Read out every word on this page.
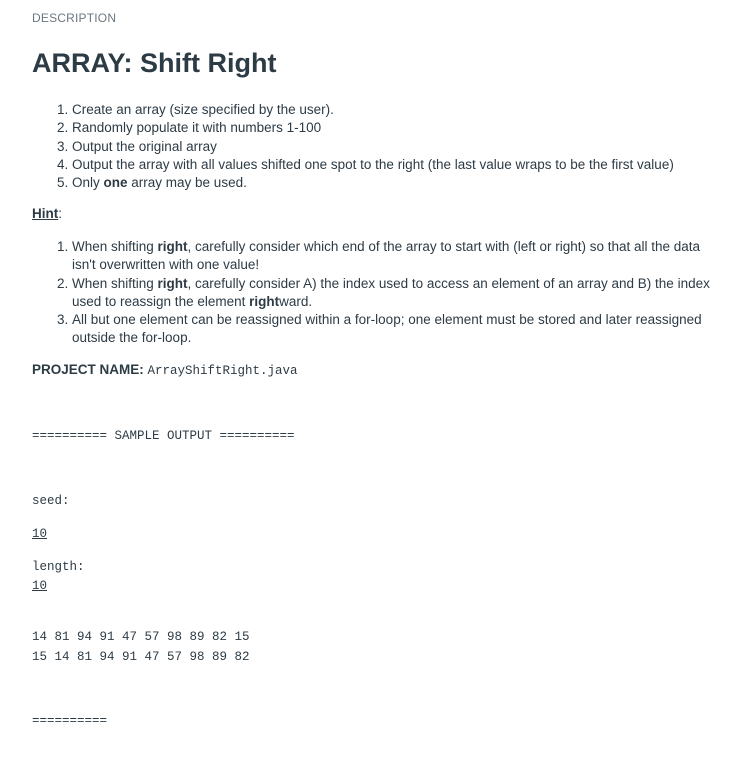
DESCRIPTION
ARRAY: Shift Right
1. Create an array (size specified by the user).
2. Randomly populate it with numbers 1-100
3. Output the original array
4. Output the array with all values shifted one spot to the right (the last value wraps to be the first value)
5. Only one array may be used.
Hint:
1. When shifting right, carefully consider which end of the array to start with (left or right) so that all the data isn't overwritten with one value!
2. When shifting right, carefully consider A) the index used to access an element of an array and B) the index used to reassign the element rightward.
3. All but one element can be reassigned within a for-loop; one element must be stored and later reassigned outside the for-loop.
PROJECT NAME: ArrayShiftRight.java
========== SAMPLE OUTPUT ==========
seed:
10
length:
10
14 81 94 91 47 57 98 89 82 15
15 14 81 94 91 47 57 98 89 82
==========
